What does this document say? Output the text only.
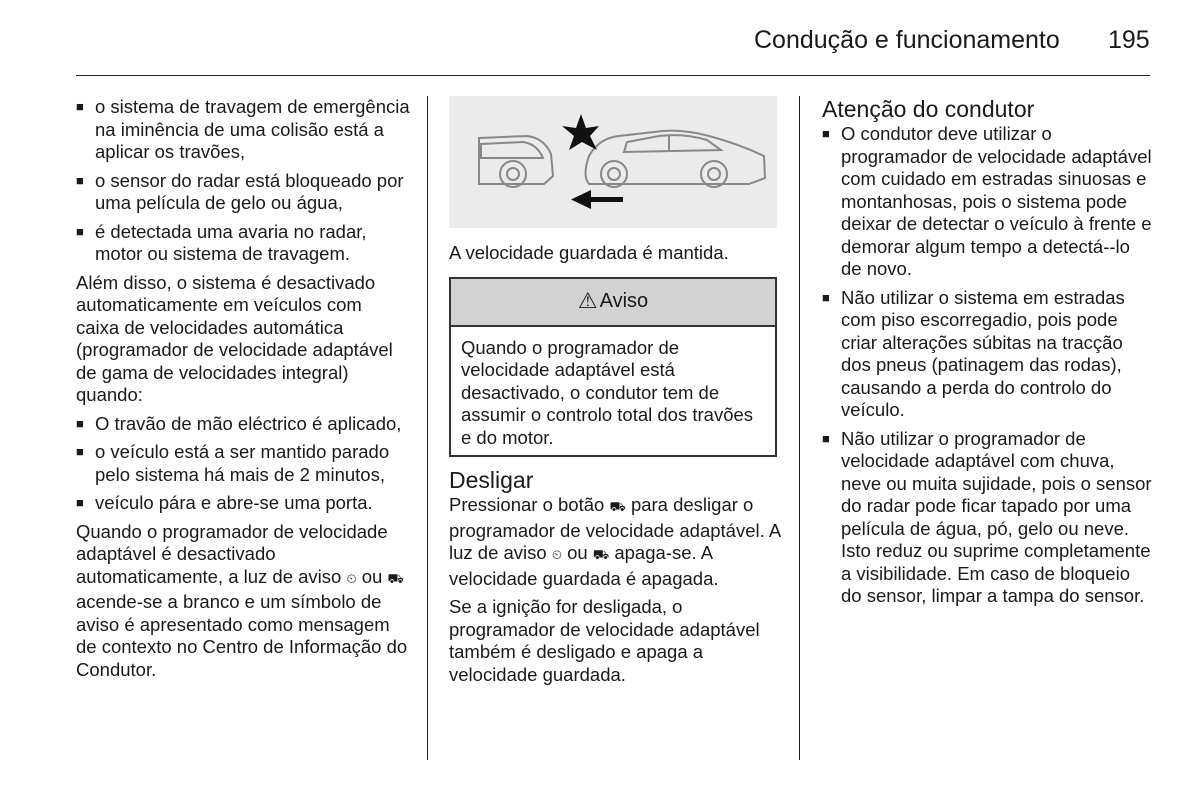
Condução e funcionamento 195
■ o sistema de travagem de emergência na iminência de uma colisão está a aplicar os travões,
■ o sensor do radar está bloqueado por uma película de gelo ou água,
■ é detectada uma avaria no radar, motor ou sistema de travagem.

Além disso, o sistema é desactivado automaticamente em veículos com caixa de velocidades automática (programador de velocidade adaptável de gama de velocidades integral) quando:

■ O travão de mão eléctrico é aplicado,
■ o veículo está a ser mantido parado pelo sistema há mais de 2 minutos,
■ veículo pára e abre-se uma porta.

Quando o programador de velocidade adaptável é desactivado automaticamente, a luz de aviso ⏲ ou ⛟ acende-se a branco e um símbolo de aviso é apresentado como mensagem de contexto no Centro de Informação do Condutor.

A velocidade guardada é mantida.

⚠ Aviso
Quando o programador de velocidade adaptável está desactivado, o condutor tem de assumir o controlo total dos travões e do motor.
Desligar

Pressionar o botão ⛟ para desligar o programador de velocidade adaptável. A luz de aviso ⏲ ou ⛟ apaga-se. A velocidade guardada é apagada.

Se a ignição for desligada, o programador de velocidade adaptável também é desligado e apaga a velocidade guardada.

Atenção do condutor
■ O condutor deve utilizar o programador de velocidade adaptável com cuidado em estradas sinuosas e montanhosas, pois o sistema pode deixar de detectar o veículo à frente e demorar algum tempo a detectá--lo de novo.
■ Não utilizar o sistema em estradas com piso escorregadio, pois pode criar alterações súbitas na tracção dos pneus (patinagem das rodas), causando a perda do controlo do veículo.
■ Não utilizar o programador de velocidade adaptável com chuva, neve ou muita sujidade, pois o sensor do radar pode ficar tapado por uma película de água, pó, gelo ou neve. Isto reduz ou suprime completamente a visibilidade. Em caso de bloqueio do sensor, limpar a tampa do sensor.
